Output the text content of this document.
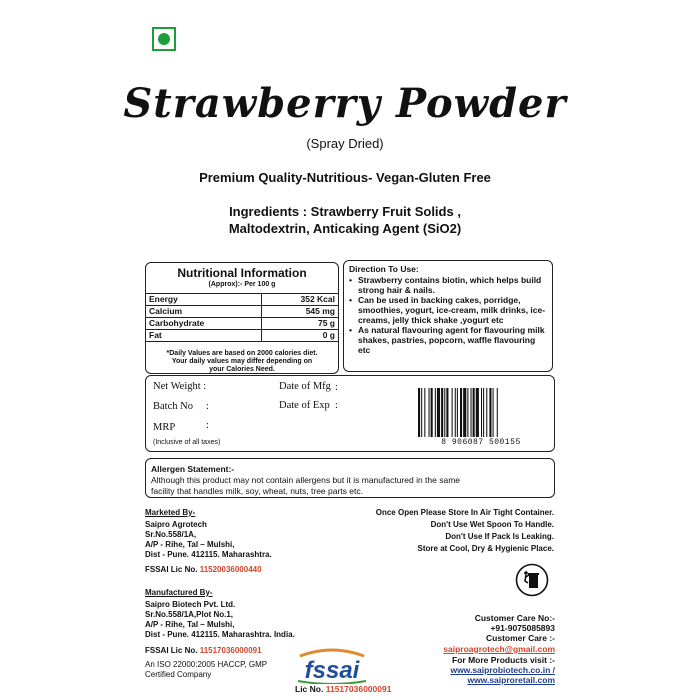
Strawberry Powder
(Spray Dried)
Premium Quality-Nutritious- Vegan-Gluten Free
Ingredients : Strawberry Fruit Solids ,
Maltodextrin, Anticaking Agent (SiO2)
Nutritional Information
(Approx):- Per 100 g
Energy	352 Kcal
Calcium	545 mg
Carbohydrate	75 g
Fat	0 g
*Daily Values are based on 2000 calories diet.
Your daily values may differ depending on
your Calories Need.
Direction To Use:
• Strawberry contains biotin, which helps build strong hair & nails.
• Can be used in backing cakes, porridge, smoothies, yogurt, ice-cream, milk drinks, ice-creams, jelly thick shake ,yogurt etc
• As natural flavouring agent for flavouring milk shakes, pastries, popcorn, waffle flavouring etc
Net Weight :
Batch No :
MRP	:
(Inclusive of all taxes)
Date of Mfg :
Date of Exp :
8 906087 500155
Allergen Statement:-
Although this product may not contain allergens but it is manufactured in the same
facility that handles milk, soy, wheat, nuts, tree parts etc.
Marketed By-
Saipro Agrotech
Sr.No.558/1A,
A/P - Rihe, Tal – Mulshi,
Dist - Pune. 412115. Maharashtra.
FSSAI Lic No. 11520036000440
Once Open Please Store In Air Tight Container.
Don't Use Wet Spoon To Handle.
Don't Use If Pack Is Leaking.
Store at Cool, Dry & Hygienic Place.
Manufactured By-
Saipro Biotech Pvt. Ltd.
Sr.No.558/1A,Plot No.1,
A/P - Rihe, Tal – Mulshi,
Dist - Pune. 412115. Maharashtra. India.
FSSAI Lic No. 11517036000091
An ISO 22000:2005 HACCP, GMP
Certified Company	fssai
Lic No. 11517036000091
Customer Care No:-
+91-9075085893
Customer Care :-
saiproagrotech@gmail.com
For More Products visit :-
www.saiprobiotech.co.in /
www.saiproretail.com
